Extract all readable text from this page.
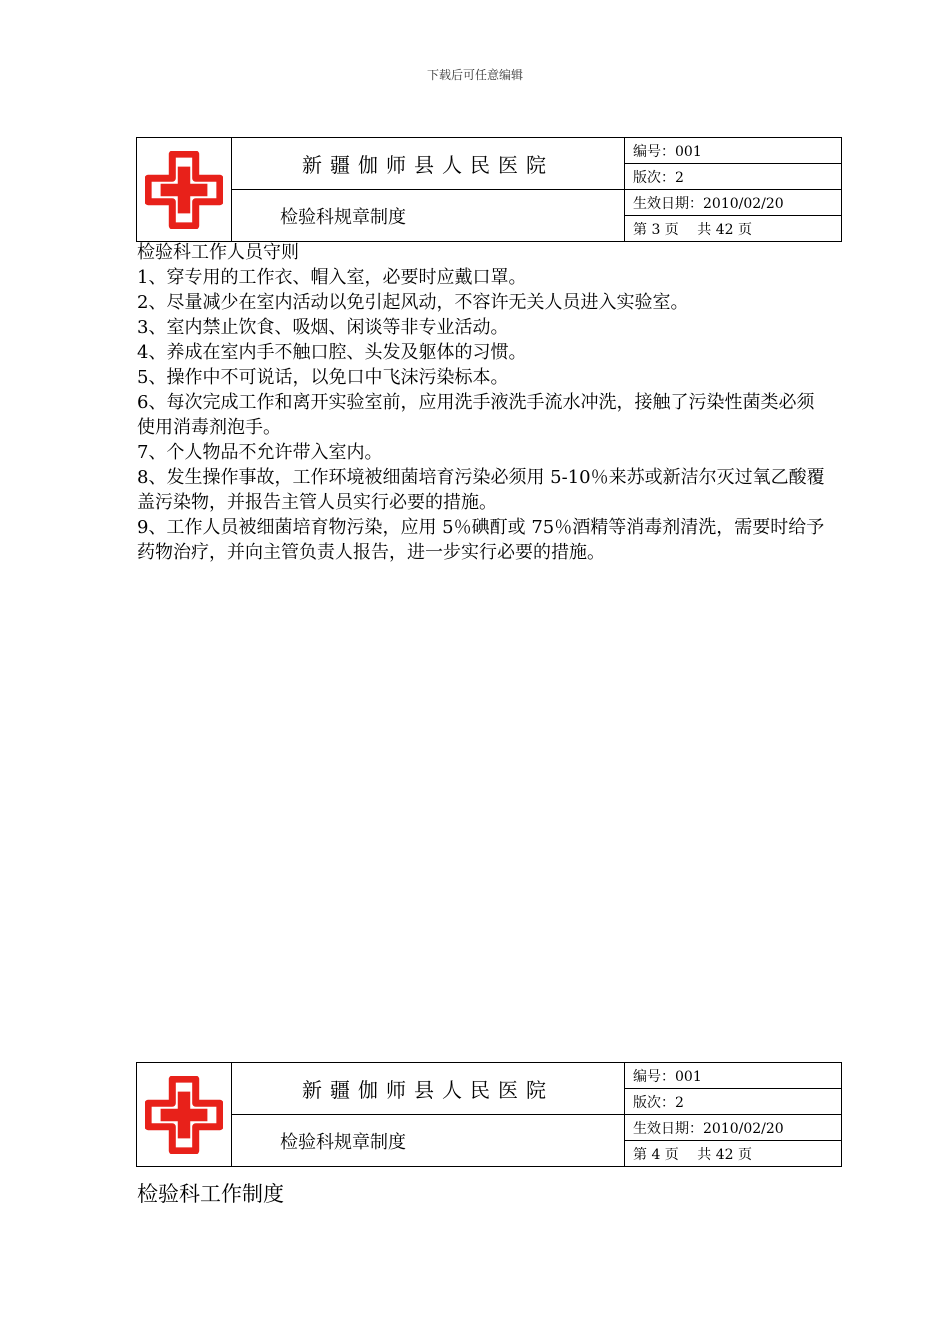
下载后可任意编辑
	新疆伽师县人民医院	编号：001
		版次：2
	检验科规章制度	生效日期：2010/02/20
		第 3 页　 共 42 页

检验科工作人员守则

1、穿专用的工作衣、帽入室，必要时应戴口罩。

2、尽量减少在室内活动以免引起风动，不容许无关人员进入实验室。

3、室内禁止饮食、吸烟、闲谈等非专业活动。

4、养成在室内手不触口腔、头发及躯体的习惯。

5、操作中不可说话，以免口中飞沫污染标本。

6、每次完成工作和离开实验室前，应用洗手液洗手流水冲洗，接触了污染性菌类必须使用消毒剂泡手。

7、个人物品不允许带入室内。

8、发生操作事故，工作环境被细菌培育污染必须用 5-10％来苏或新洁尔灭过氧乙酸覆盖污染物，并报告主管人员实行必要的措施。

9、工作人员被细菌培育物污染，应用 5％碘酊或 75％酒精等消毒剂清洗，需要时给予药物治疗，并向主管负责人报告，进一步实行必要的措施。

	新疆伽师县人民医院	编号：001
		版次：2
	检验科规章制度	生效日期：2010/02/20
		第 4 页　 共 42 页
检验科工作制度
